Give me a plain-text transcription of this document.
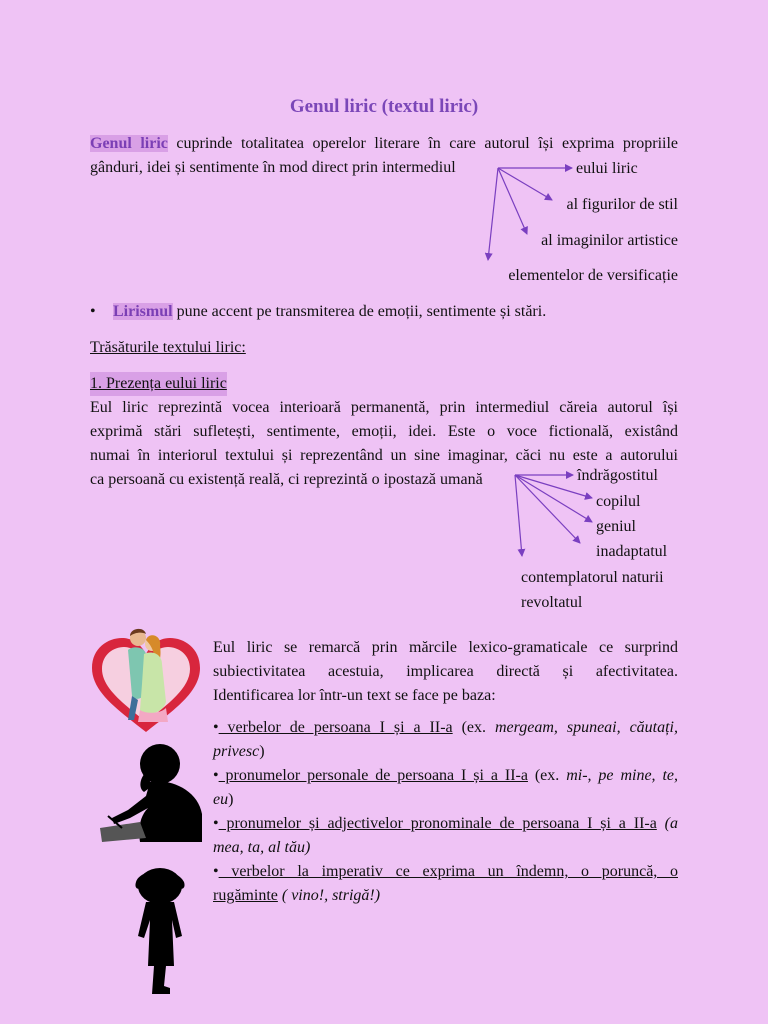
Genul liric (textul liric)
Genul liric cuprinde totalitatea operelor literare în care autorul își exprima propriile
gânduri, idei și sentimente în mod direct prin intermediul	eului liric
al figurilor de stil
al imaginilor artistice
elementelor de versificație
• Lirismul pune accent pe transmiterea de emoții, sentimente și stări.
Trăsăturile textului liric:
1. Prezența eului liric
Eul liric reprezintă vocea interioară permanentă, prin intermediul căreia autorul își
exprimă stări sufletești, sentimente, emoții, idei. Este o voce fictională, existând
numai în interiorul textului și reprezentând un sine imaginar, căci nu este a autorului
ca persoană cu existență reală, ci reprezintă o ipostază umană	îndrăgostitul
copilul
geniul
inadaptatul
contemplatorul naturii
revoltatul
Eul liric se remarcă prin mărcile lexico-gramaticale ce surprind
subiectivitatea acestuia, implicarea directă și afectivitatea.
Identificarea lor într-un text se face pe baza:
• verbelor de persoana I și a II-a (ex. mergeam, spuneai, căutați,
privesc)
• pronumelor personale de persoana I și a II-a (ex. mi-, pe mine, te,
eu)
• pronumelor și adjectivelor pronominale de persoana I și a II-a (a
mea, ta, al tău)
• verbelor la imperativ ce exprima un îndemn, o poruncă, o
rugăminte ( vino!, strigă!)
